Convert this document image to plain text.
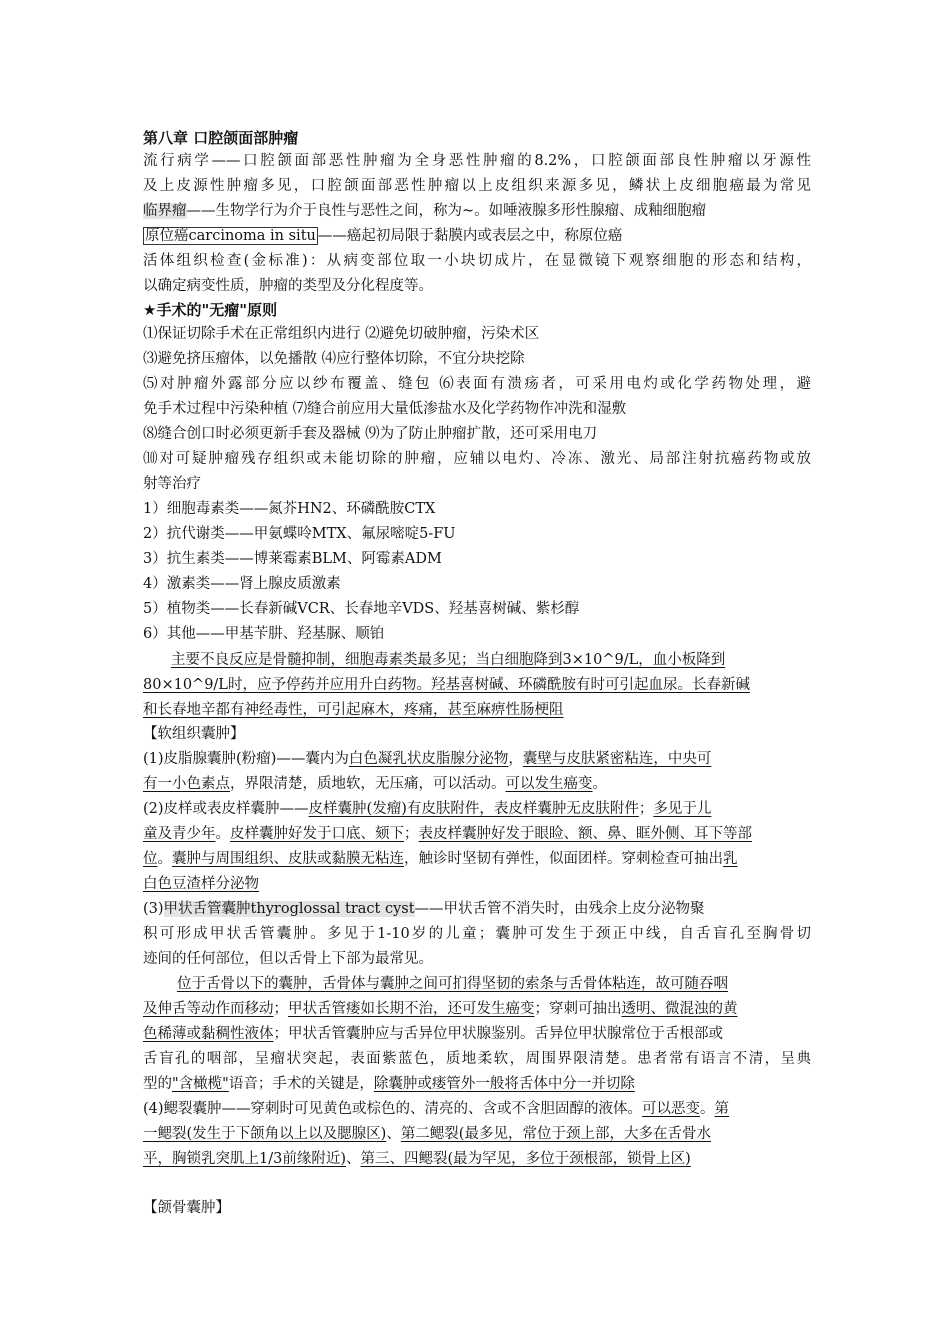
第八章 口腔颌面部肿瘤
流行病学——口腔颌面部恶性肿瘤为全身恶性肿瘤的8.2%，口腔颌面部良性肿瘤以牙源性
及上皮源性肿瘤多见，口腔颌面部恶性肿瘤以上皮组织来源多见，鳞状上皮细胞癌最为常见
临界瘤——生物学行为介于良性与恶性之间，称为~。如唾液腺多形性腺瘤、成釉细胞瘤
原位癌carcinoma in situ ——癌起初局限于黏膜内或表层之中，称原位癌
活体组织检查(金标准)：从病变部位取一小块切成片，在显微镜下观察细胞的形态和结构，
以确定病变性质，肿瘤的类型及分化程度等。
★手术的"无瘤"原则
⑴保证切除手术在正常组织内进行 ⑵避免切破肿瘤，污染术区
⑶避免挤压瘤体，以免播散 ⑷应行整体切除，不宜分块挖除
⑸对肿瘤外露部分应以纱布覆盖、缝包 ⑹表面有溃疡者，可采用电灼或化学药物处理，避
免手术过程中污染种植 ⑺缝合前应用大量低渗盐水及化学药物作冲洗和湿敷
⑻缝合创口时必须更新手套及器械 ⑼为了防止肿瘤扩散，还可采用电刀
⑽对可疑肿瘤残存组织或未能切除的肿瘤，应辅以电灼、冷冻、激光、局部注射抗癌药物或放
射等治疗
1）细胞毒素类——氮芥HN2、环磷酰胺CTX
2）抗代谢类——甲氨蝶呤MTX、氟尿嘧啶5-FU
3）抗生素类——博莱霉素BLM、阿霉素ADM
4）激素类——肾上腺皮质激素
5）植物类——长春新碱VCR、长春地辛VDS、羟基喜树碱、紫杉醇
6）其他——甲基苄肼、羟基脲、顺铂
主要不良反应是骨髓抑制，细胞毒素类最多见；当白细胞降到3×10^9/L，血小板降到
80×10^9/L时，应予停药并应用升白药物。羟基喜树碱、环磷酰胺有时可引起血尿。长春新碱
和长春地辛都有神经毒性，可引起麻木，疼痛，甚至麻痹性肠梗阻
【软组织囊肿】
(1)皮脂腺囊肿(粉瘤)——囊内为白色凝乳状皮脂腺分泌物，囊壁与皮肤紧密粘连，中央可
有一小色素点，界限清楚，质地软，无压痛，可以活动。可以发生癌变。
(2)皮样或表皮样囊肿——皮样囊肿(发瘤)有皮肤附件，表皮样囊肿无皮肤附件；多见于儿
童及青少年。皮样囊肿好发于口底、颏下；表皮样囊肿好发于眼睑、额、鼻、眶外侧、耳下等部
位。囊肿与周围组织、皮肤或黏膜无粘连，触诊时坚韧有弹性，似面团样。穿刺检查可抽出乳
白色豆渣样分泌物
(3)甲状舌管囊肿thyroglossal tract cyst——甲状舌管不消失时，由残余上皮分泌物聚
积可形成甲状舌管囊肿。多见于1-10岁的儿童；囊肿可发生于颈正中线，自舌盲孔至胸骨切
迹间的任何部位，但以舌骨上下部为最常见。
位于舌骨以下的囊肿，舌骨体与囊肿之间可扪得坚韧的索条与舌骨体粘连，故可随吞咽
及伸舌等动作而移动；甲状舌管瘘如长期不治，还可发生癌变；穿刺可抽出透明、微混浊的黄
色稀薄或黏稠性液体；甲状舌管囊肿应与舌异位甲状腺鉴别。舌异位甲状腺常位于舌根部或
舌盲孔的咽部，呈瘤状突起，表面紫蓝色，质地柔软，周围界限清楚。患者常有语言不清，呈典
型的"含橄榄"语音；手术的关键是，除囊肿或瘘管外一般将舌体中分一并切除
(4)鳃裂囊肿——穿刺时可见黄色或棕色的、清亮的、含或不含胆固醇的液体。可以恶变。第
一鳃裂(发生于下颌角以上以及腮腺区)、第二鳃裂(最多见，常位于颈上部，大多在舌骨水
平，胸锁乳突肌上1/3前缘附近)、第三、四鳃裂(最为罕见，多位于颈根部，锁骨上区)
【颌骨囊肿】
